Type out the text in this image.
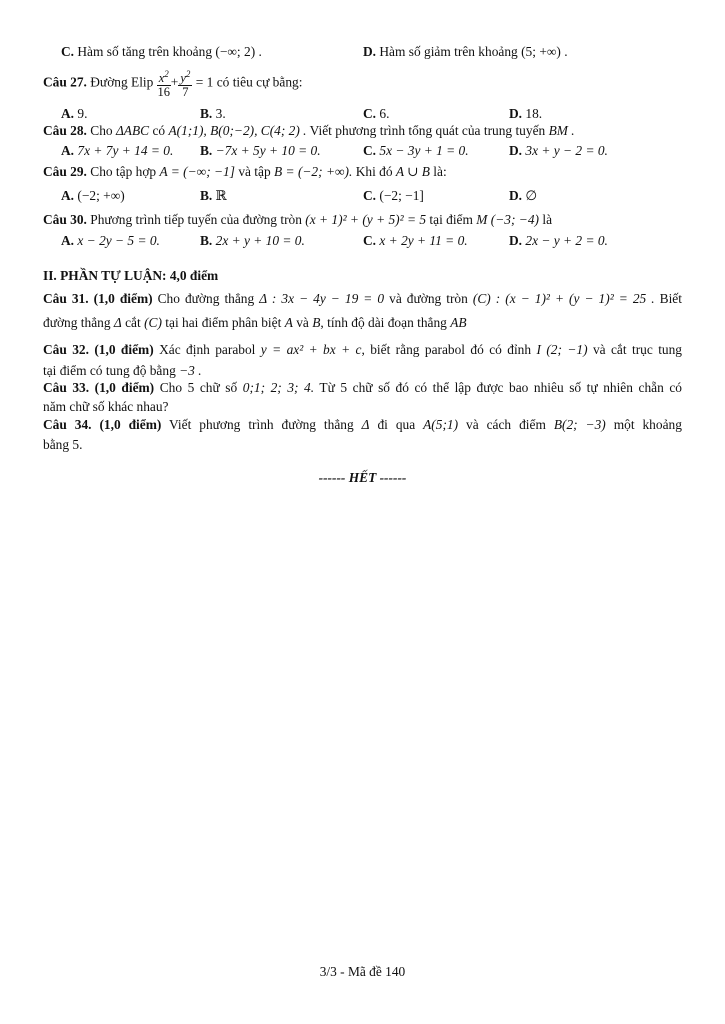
C. Hàm số tăng trên khoảng (−∞; 2) .	D. Hàm số giảm trên khoảng (5; +∞) .
Câu 27. Đường Elip $\frac{x^2}{16} + \frac{y^2}{7} = 1$ có tiêu cự bằng:
A. 9.	B. 3.	C. 6.	D. 18.
Câu 28. Cho ΔABC có A(1;1), B(0;−2), C(4; 2) . Viết phương trình tổng quát của trung tuyến BM .
A. 7x + 7y + 14 = 0. B. −7x + 5y + 10 = 0.	C. 5x − 3y + 1 = 0.	D. 3x + y − 2 = 0.
Câu 29. Cho tập hợp A = (−∞; −1] và tập B = (−2; +∞). Khi đó A ∪ B là:
A. (−2; +∞)	B. ℝ	C. (−2; −1]	D. ∅
Câu 30. Phương trình tiếp tuyến của đường tròn (x + 1)² + (y + 5)² = 5 tại điểm M (−3; −4) là
A. x − 2y − 5 = 0.	B. 2x + y + 10 = 0.	C. x + 2y + 11 = 0.	D. 2x − y + 2 = 0.
II. PHẦN TỰ LUẬN: 4,0 điểm
Câu 31. (1,0 điểm) Cho đường thẳng Δ : 3x − 4y − 19 = 0 và đường tròn (C) : (x − 1)² + (y − 1)² = 25 . Biết
đường thẳng Δ cắt (C) tại hai điểm phân biệt A và B, tính độ dài đoạn thẳng AB
Câu 32. (1,0 điểm) Xác định parabol y = ax² + bx + c, biết rằng parabol đó có đỉnh I (2; −1) và cắt trục tung
tại điểm có tung độ bằng −3 .
Câu 33. (1,0 điểm) Cho 5 chữ số 0;1; 2; 3; 4. Từ 5 chữ số đó có thể lập được bao nhiêu số tự nhiên chẵn có
năm chữ số khác nhau?
Câu 34. (1,0 điểm) Viết phương trình đường thẳng Δ đi qua A(5;1) và cách điểm B(2; −3) một khoảng
bằng 5.
------ HẾT ------
3/3 - Mã đề 140
